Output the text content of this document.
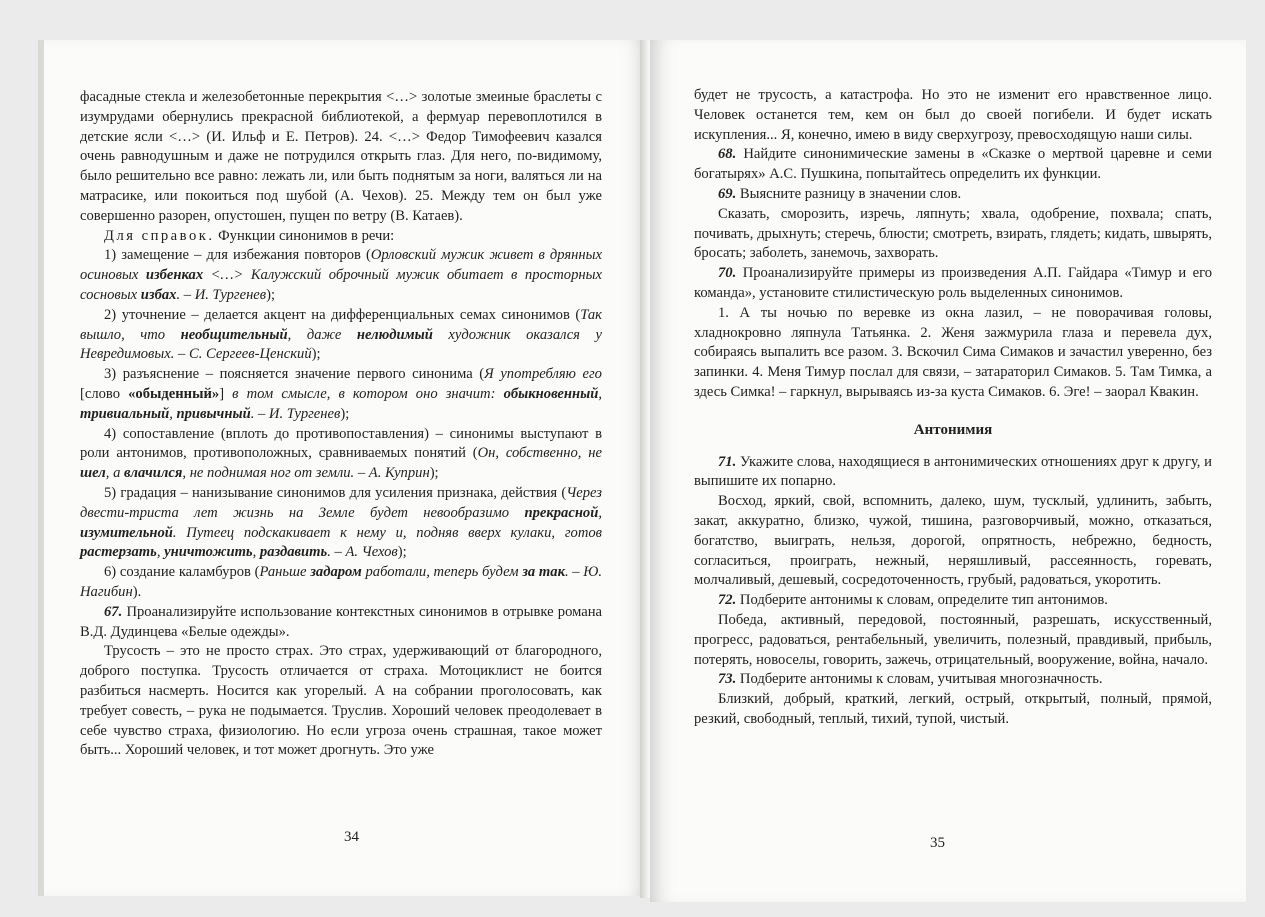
фасадные стекла и железобетонные перекрытия <…> золотые змеиные браслеты с изумрудами обернулись прекрасной библиотекой, а фермуар перевоплотился в детские ясли <…> (И. Ильф и Е. Петров). 24. <…> Федор Тимофеевич казался очень равнодушным и даже не потрудился открыть глаз. Для него, по-видимому, было решительно все равно: лежать ли, или быть поднятым за ноги, валяться ли на матрасике, или покоиться под шубой (А. Чехов). 25. Между тем он был уже совершенно разорен, опустошен, пущен по ветру (В. Катаев).

Для справок. Функции синонимов в речи:

1) замещение – для избежания повторов (Орловский мужик живет в дрянных осиновых избенках <…> Калужский оброчный мужик обитает в просторных сосновых избах. – И. Тургенев);

2) уточнение – делается акцент на дифференциальных семах синонимов (Так вышло, что необщительный, даже нелюдимый художник оказался у Невредимовых. – С. Сергеев-Ценский);

3) разъяснение – поясняется значение первого синонима (Я употребляю его [слово «обыденный»] в том смысле, в котором оно значит: обыкновенный, тривиальный, привычный. – И. Тургенев);

4) сопоставление (вплоть до противопоставления) – синонимы выступают в роли антонимов, противоположных, сравниваемых понятий (Он, собственно, не шел, а влачился, не поднимая ног от земли. – А. Куприн);

5) градация – нанизывание синонимов для усиления признака, действия (Через двести-триста лет жизнь на Земле будет невообразимо прекрасной, изумительной. Путеец подскакивает к нему и, подняв вверх кулаки, готов растерзать, уничтожить, раздавить. – А. Чехов);

6) создание каламбуров (Раньше задаром работали, теперь будем за так. – Ю. Нагибин).

67. Проанализируйте использование контекстных синонимов в отрывке романа В.Д. Дудинцева «Белые одежды».

Трусость – это не просто страх. Это страх, удерживающий от благородного, доброго поступка. Трусость отличается от страха. Мотоциклист не боится разбиться насмерть. Носится как угорелый. А на собрании проголосовать, как требует совесть, – рука не подымается. Труслив. Хороший человек преодолевает в себе чувство страха, физиологию. Но если угроза очень страшная, такое может быть... Хороший человек, и тот может дрогнуть. Это уже

34

будет не трусость, а катастрофа. Но это не изменит его нравственное лицо. Человек останется тем, кем он был до своей погибели. И будет искать искупления... Я, конечно, имею в виду сверхугрозу, превосходящую наши силы.

68. Найдите синонимические замены в «Сказке о мертвой царевне и семи богатырях» А.С. Пушкина, попытайтесь определить их функции.

69. Выясните разницу в значении слов.

Сказать, сморозить, изречь, ляпнуть; хвала, одобрение, похвала; спать, почивать, дрыхнуть; стеречь, блюсти; смотреть, взирать, глядеть; кидать, швырять, бросать; заболеть, занемочь, захворать.

70. Проанализируйте примеры из произведения А.П. Гайдара «Тимур и его команда», установите стилистическую роль выделенных синонимов.

1. А ты ночью по веревке из окна лазил, – не поворачивая головы, хладнокровно ляпнула Татьянка. 2. Женя зажмурила глаза и перевела дух, собираясь выпалить все разом. 3. Вскочил Сима Симаков и зачастил уверенно, без запинки. 4. Меня Тимур послал для связи, – затараторил Симаков. 5. Там Тимка, а здесь Симка! – гаркнул, вырываясь из-за куста Симаков. 6. Эге! – заорал Квакин.

Антонимия

71. Укажите слова, находящиеся в антонимических отношениях друг к другу, и выпишите их попарно.

Восход, яркий, свой, вспомнить, далеко, шум, тусклый, удлинить, забыть, закат, аккуратно, близко, чужой, тишина, разговорчивый, можно, отказаться, богатство, выиграть, нельзя, дорогой, опрятность, небрежно, бедность, согласиться, проиграть, нежный, неряшливый, рассеянность, горевать, молчаливый, дешевый, сосредоточенность, грубый, радоваться, укоротить.

72. Подберите антонимы к словам, определите тип антонимов.

Победа, активный, передовой, постоянный, разрешать, искусственный, прогресс, радоваться, рентабельный, увеличить, полезный, правдивый, прибыль, потерять, новоселы, говорить, зажечь, отрицательный, вооружение, война, начало.

73. Подберите антонимы к словам, учитывая многозначность.

Близкий, добрый, краткий, легкий, острый, открытый, полный, прямой, резкий, свободный, теплый, тихий, тупой, чистый.

35
